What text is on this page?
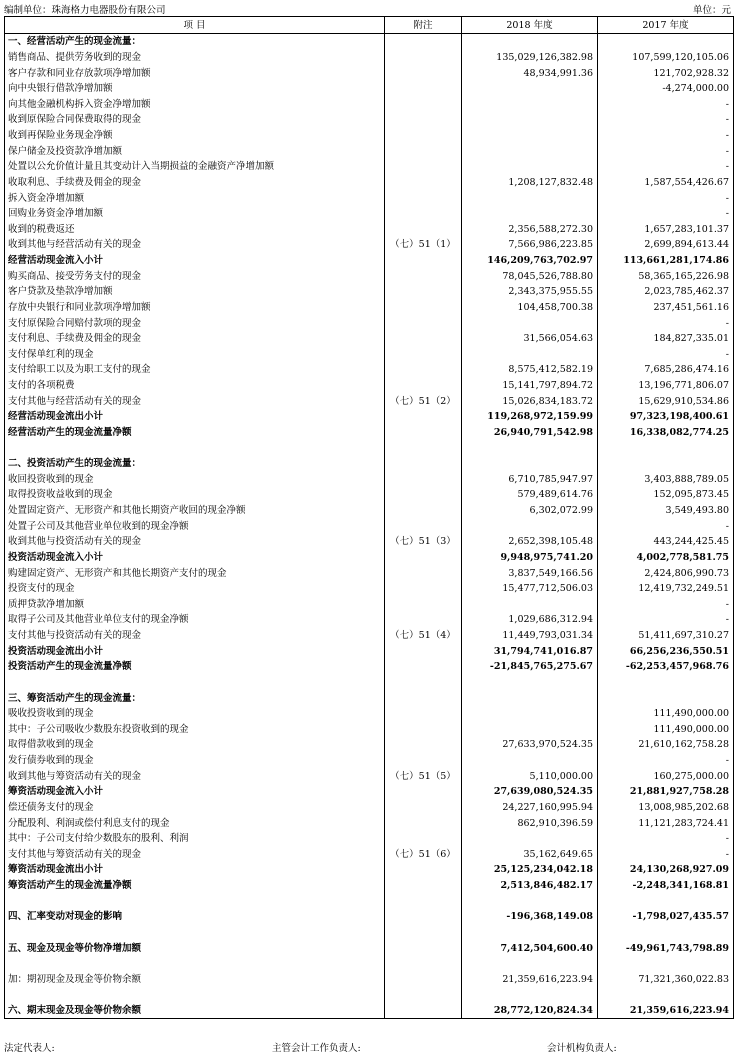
编制单位：珠海格力电器股份有限公司	单位：元
项 目	附注	2018 年度	2017 年度
一、经营活动产生的现金流量：			
销售商品、提供劳务收到的现金		135,029,126,382.98	107,599,120,105.06
客户存款和同业存放款项净增加额		48,934,991.36	121,702,928.32
向中央银行借款净增加额			-4,274,000.00
向其他金融机构拆入资金净增加额			-
收到原保险合同保费取得的现金			-
收到再保险业务现金净额			-
保户储金及投资款净增加额			-
处置以公允价值计量且其变动计入当期损益的金融资产净增加额			-
收取利息、手续费及佣金的现金		1,208,127,832.48	1,587,554,426.67
拆入资金净增加额			-
回购业务资金净增加额			-
收到的税费返还		2,356,588,272.30	1,657,283,101.37
收到其他与经营活动有关的现金	（七）51（1）	7,566,986,223.85	2,699,894,613.44
经营活动现金流入小计		146,209,763,702.97	113,661,281,174.86
购买商品、接受劳务支付的现金		78,045,526,788.80	58,365,165,226.98
客户贷款及垫款净增加额		2,343,375,955.55	2,023,785,462.37
存放中央银行和同业款项净增加额		104,458,700.38	237,451,561.16
支付原保险合同赔付款项的现金			-
支付利息、手续费及佣金的现金		31,566,054.63	184,827,335.01
支付保单红利的现金			-
支付给职工以及为职工支付的现金		8,575,412,582.19	7,685,286,474.16
支付的各项税费		15,141,797,894.72	13,196,771,806.07
支付其他与经营活动有关的现金	（七）51（2）	15,026,834,183.72	15,629,910,534.86
经营活动现金流出小计		119,268,972,159.99	97,323,198,400.61
经营活动产生的现金流量净额		26,940,791,542.98	16,338,082,774.25

二、投资活动产生的现金流量：			
收回投资收到的现金		6,710,785,947.97	3,403,888,789.05
取得投资收益收到的现金		579,489,614.76	152,095,873.45
处置固定资产、无形资产和其他长期资产收回的现金净额		6,302,072.99	3,549,493.80
处置子公司及其他营业单位收到的现金净额			-
收到其他与投资活动有关的现金	（七）51（3）	2,652,398,105.48	443,244,425.45
投资活动现金流入小计		9,948,975,741.20	4,002,778,581.75
购建固定资产、无形资产和其他长期资产支付的现金		3,837,549,166.56	2,424,806,990.73
投资支付的现金		15,477,712,506.03	12,419,732,249.51
质押贷款净增加额			-
取得子公司及其他营业单位支付的现金净额		1,029,686,312.94	-
支付其他与投资活动有关的现金	（七）51（4）	11,449,793,031.34	51,411,697,310.27
投资活动现金流出小计		31,794,741,016.87	66,256,236,550.51
投资活动产生的现金流量净额		-21,845,765,275.67	-62,253,457,968.76

三、筹资活动产生的现金流量：			
吸收投资收到的现金			111,490,000.00
其中：子公司吸收少数股东投资收到的现金			111,490,000.00
取得借款收到的现金		27,633,970,524.35	21,610,162,758.28
发行债券收到的现金			-
收到其他与筹资活动有关的现金	（七）51（5）	5,110,000.00	160,275,000.00
筹资活动现金流入小计		27,639,080,524.35	21,881,927,758.28
偿还债务支付的现金		24,227,160,995.94	13,008,985,202.68
分配股利、利润或偿付利息支付的现金		862,910,396.59	11,121,283,724.41
其中：子公司支付给少数股东的股利、利润			-
支付其他与筹资活动有关的现金	（七）51（6）	35,162,649.65	-
筹资活动现金流出小计		25,125,234,042.18	24,130,268,927.09
筹资活动产生的现金流量净额		2,513,846,482.17	-2,248,341,168.81

四、汇率变动对现金的影响		-196,368,149.08	-1,798,027,435.57

五、现金及现金等价物净增加额		7,412,504,600.40	-49,961,743,798.89

加：期初现金及现金等价物余额		21,359,616,223.94	71,321,360,022.83

六、期末现金及现金等价物余额		28,772,120,824.34	21,359,616,223.94
法定代表人:	主管会计工作负责人:	会计机构负责人:
